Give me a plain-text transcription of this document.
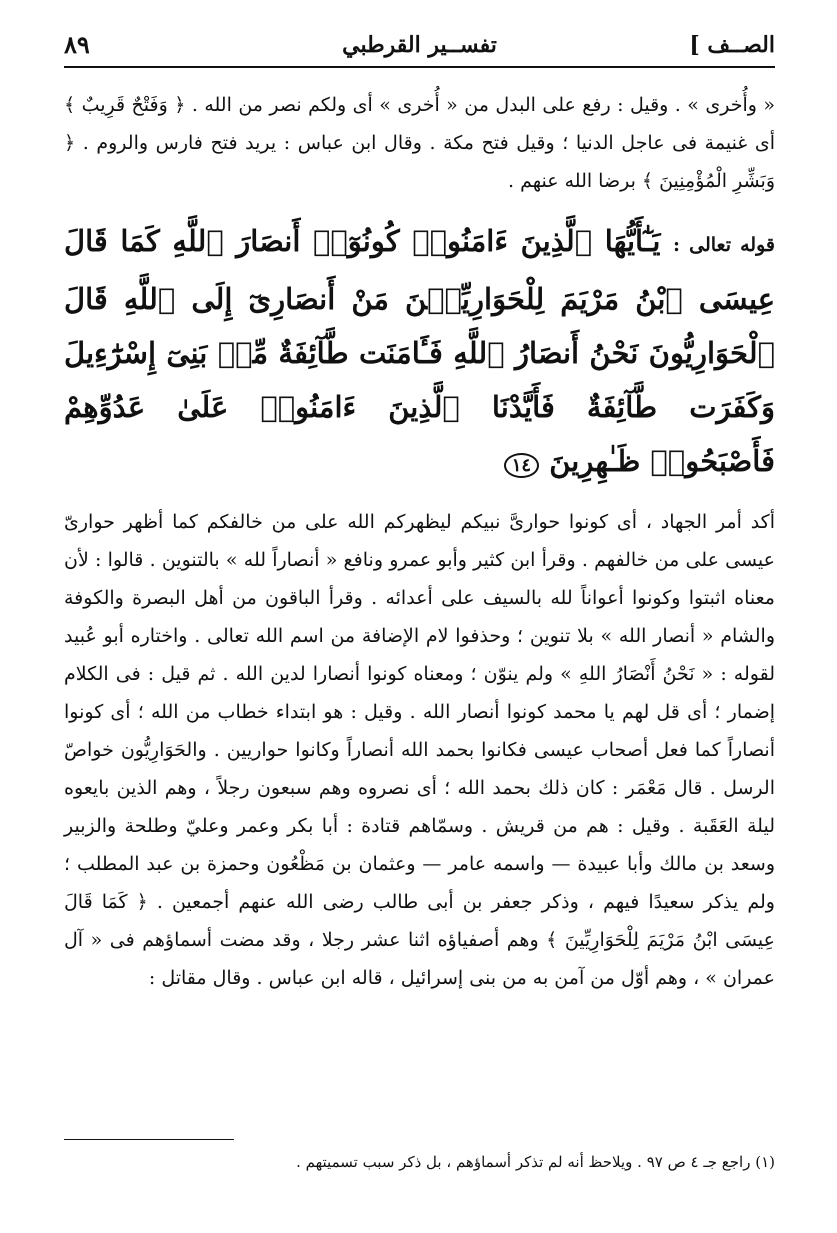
الصــف ]
تفســير القرطبي
٨٩

« وأُخرى » . وقيل : رفع على البدل من « أُخرى » أى ولكم نصر من الله . ﴿ وَفَتْحٌ قَرِيبٌ ﴾ أى غنيمة فى عاجل الدنيا ؛ وقيل فتح مكة . وقال ابن عباس : يريد فتح فارس والروم . ﴿ وَبَشِّرِ الْمُؤْمِنِينَ ﴾ برضا الله عنهم .

قوله تعالى : يَـٰٓأَيُّهَا ٱلَّذِينَ ءَامَنُوا۟ كُونُوٓا۟ أَنصَارَ ٱللَّهِ كَمَا قَالَ عِيسَى ٱبْنُ مَرْيَمَ لِلْحَوَارِيِّـۧنَ مَنْ أَنصَارِىٓ إِلَى ٱللَّهِ قَالَ ٱلْحَوَارِيُّونَ نَحْنُ أَنصَارُ ٱللَّهِ فَـَٔامَنَت طَّآئِفَةٌ مِّنۢ بَنِىٓ إِسْرَٰٓءِيلَ وَكَفَرَت طَّآئِفَةٌ فَأَيَّدْنَا ٱلَّذِينَ ءَامَنُوا۟ عَلَىٰ عَدُوِّهِمْ فَأَصْبَحُوا۟ ظَـٰهِرِينَ ١٤

أكد أمر الجهاد ، أى كونوا حوارىَّ نبيكم ليظهركم الله على من خالفكم كما أظهر حوارىّ عيسى على من خالفهم . وقرأ ابن كثير وأبو عمرو ونافع « أنصاراً لله » بالتنوين . قالوا : لأن معناه اثبتوا وكونوا أعواناً لله بالسيف على أعدائه . وقرأ الباقون من أهل البصرة والكوفة والشام « أنصار الله » بلا تنوين ؛ وحذفوا لام الإضافة من اسم الله تعالى . واختاره أبو عُبيد لقوله : « نَحْنُ أَنْصَارُ اللهِ » ولم ينوّن ؛ ومعناه كونوا أنصارا لدين الله . ثم قيل : فى الكلام إضمار ؛ أى قل لهم يا محمد كونوا أنصار الله . وقيل : هو ابتداء خطاب من الله ؛ أى كونوا أنصاراً كما فعل أصحاب عيسى فكانوا بحمد الله أنصاراً وكانوا حواريين . والحَوَارِيُّون خواصّ الرسل . قال مَعْمَر : كان ذلك بحمد الله ؛ أى نصروه وهم سبعون رجلاً ، وهم الذين بايعوه ليلة العَقَبة . وقيل : هم من قريش . وسمّاهم قتادة : أبا بكر وعمر وعليّ وطلحة والزبير وسعد بن مالك وأبا عبيدة — واسمه عامر — وعثمان بن مَظْعُون وحمزة بن عبد المطلب ؛ ولم يذكر سعيدًا فيهم ، وذكر جعفر بن أبى طالب رضى الله عنهم أجمعين . ﴿ كَمَا قَالَ عِيسَى ابْنُ مَرْيَمَ لِلْحَوَارِيِّينَ ﴾ وهم أصفياؤه اثنا عشر رجلا ، وقد مضت أسماؤهم فى « آل عمران » ، وهم أوّل من آمن به من بنى إسرائيل ، قاله ابن عباس . وقال مقاتل :

(١) راجع جـ ٤ ص ٩٧ . ويلاحظ أنه لم تذكر أسماؤهم ، بل ذكر سبب تسميتهم .
